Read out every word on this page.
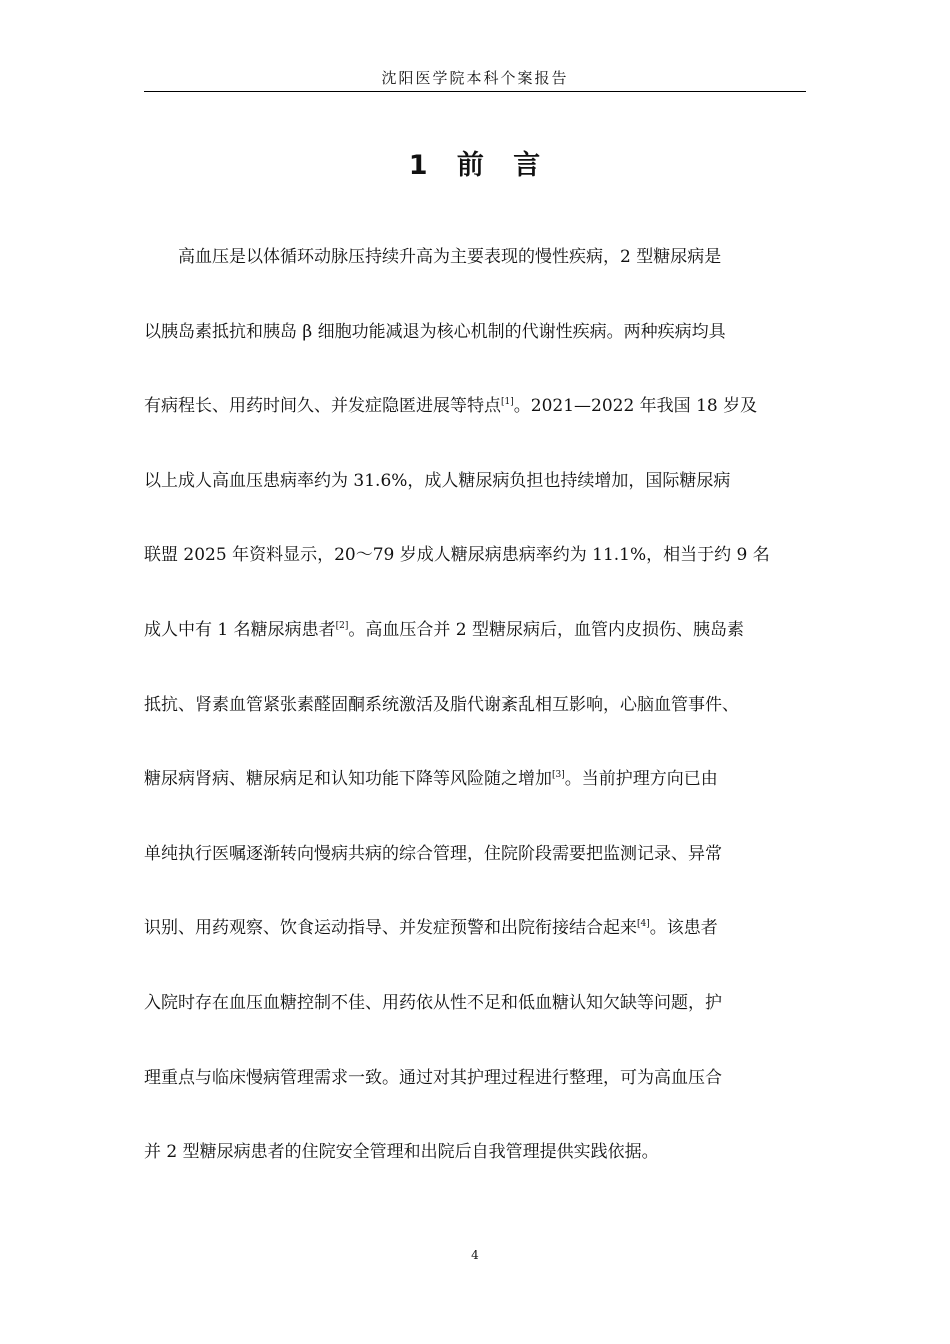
沈阳医学院本科个案报告
1 前 言
　　高血压是以体循环动脉压持续升高为主要表现的慢性疾病，2 型糖尿病是
以胰岛素抵抗和胰岛 β 细胞功能减退为核心机制的代谢性疾病。两种疾病均具
有病程长、用药时间久、并发症隐匿进展等特点[1]。2021—2022 年我国 18 岁及
以上成人高血压患病率约为 31.6%，成人糖尿病负担也持续增加，国际糖尿病
联盟 2025 年资料显示，20～79 岁成人糖尿病患病率约为 11.1%，相当于约 9 名
成人中有 1 名糖尿病患者[2]。高血压合并 2 型糖尿病后，血管内皮损伤、胰岛素
抵抗、肾素血管紧张素醛固酮系统激活及脂代谢紊乱相互影响，心脑血管事件、
糖尿病肾病、糖尿病足和认知功能下降等风险随之增加[3]。当前护理方向已由
单纯执行医嘱逐渐转向慢病共病的综合管理，住院阶段需要把监测记录、异常
识别、用药观察、饮食运动指导、并发症预警和出院衔接结合起来[4]。该患者
入院时存在血压血糖控制不佳、用药依从性不足和低血糖认知欠缺等问题，护
理重点与临床慢病管理需求一致。通过对其护理过程进行整理，可为高血压合
并 2 型糖尿病患者的住院安全管理和出院后自我管理提供实践依据。
4
